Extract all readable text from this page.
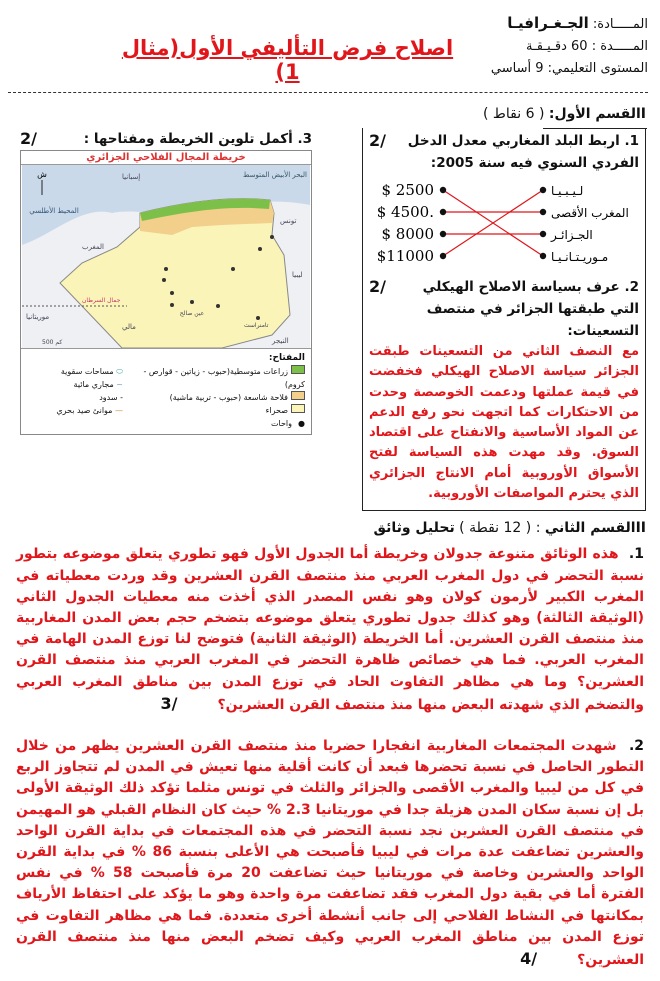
المـــــادة: الجـغـرافيـا
المـــــدة : 60 دقـيـقـة
المستوى التعليمي: 9 أساسي
اصلاح فرض التأليفي الأول(مثال 1)
Iالقسم الأول: ( 6 نقاط )
2/	1. اربط البلد المغاربي معدل الدخل الفردي السنوي فيه سنة 2005:
$ 2500
$ 4500.
$ 8000
$11000
لـيـبـيـا
المغرب الأقصى
الجـزائـر
مـوريـتـانـيـا
2/	2. عرف بسياسة الاصلاح الهيكلي التي طبقتها الجزائر في منتصف التسعينات:
مع النصف الثاني من التسعينات طبقت الجزائر سياسة الاصلاح الهيكلي فخفضت في قيمة عملتها ودعمت الخوصصة وحدت من الاحتكارات كما اتجهت نحو رفع الدعم عن المواد الأساسية والانفتاح على اقتصاد السوق. وقد مهدت هذه السياسة لفتح الأسواق الأوروبية أمام الانتاج الجزائري الذي يحترم المواصفات الأوروبية.
2/	3. أكمل تلوين الخريطة ومفتاحها :
خريطة المجال الفلاحي الجزائري
ش	إسبانيا	البحر الأبيض المتوسط
المحيط الأطلسي
المغرب
تونس
ليبيا
موريتانيا
مالي
النيجر
جمال السرطان
تامنراست
عين صالح
500 كم
المفتاح:
زراعات متوسطية(حبوب - زياتين - قوارص - كروم)
فلاحة شاسعة (حبوب - تربية ماشية)
صحراء
●واحات
⬭ مساحات سقوية
~ مجاري مائية
- سدود
— موانئ صيد بحري
IIالقسم الثاني : ( 12 نقطة ) تحليل وثائق
1.  هذه الوثائق متنوعة جدولان وخريطة أما الجدول الأول فهو تطوري يتعلق موضوعه بتطور نسبة التحضر في دول المغرب العربي منذ منتصف القرن العشرين وقد وردت معطياته في المغرب الكبير لأرمون كولان وهو نفس المصدر الذي أخذت منه معطيات الجدول الثاني (الوثيقة الثالثة) وهو كذلك جدول تطوري يتعلق موضوعه بتضخم حجم بعض المدن المغاربية منذ منتصف القرن العشرين. أما الخريطة (الوثيقة الثانية) فتوضح لنا توزع المدن الهامة في المغرب العربي. فما هي خصائص ظاهرة التحضر في المغرب العربي منذ منتصف القرن العشرين؟ وما هي مظاهر التفاوت الحاد في توزع المدن بين مناطق المغرب العربي والتضخم الذي شهدته البعض منها منذ منتصف القرن العشرين؟3/
2.  شهدت المجتمعات المغاربية انفجارا حضريا منذ منتصف القرن العشرين يظهر من خلال التطور الحاصل في نسبة تحضرها فبعد أن كانت أقلية منها تعيش في المدن لم تتجاوز الربع في كل من ليبيا والمغرب الأقصى والجزائر والثلث في تونس مثلما تؤكد ذلك الوثيقة الأولى بل إن نسبة سكان المدن هزيلة جدا في موريتانيا 2.3 % حيث كان النظام القبلي هو المهيمن في منتصف القرن العشرين نجد نسبة التحضر في هذه المجتمعات في بداية القرن الواحد والعشرين تضاعفت عدة مرات في ليبيا فأصبحت هي الأعلى بنسبة 86 % في بداية القرن الواحد والعشرين وخاصة في موريتانيا حيث تضاعفت 20 مرة فأصبحت 58 % في نفس الفترة أما في بقية دول المغرب فقد تضاعفت مرة واحدة وهو ما يؤكد على احتفاظ الأرياف بمكانتها في النشاط الفلاحي إلى جانب أنشطة أخرى متعددة. فما هي مظاهر التفاوت في توزع المدن بين مناطق المغرب العربي وكيف تضخم البعض منها منذ منتصف القرن العشرين؟4/
